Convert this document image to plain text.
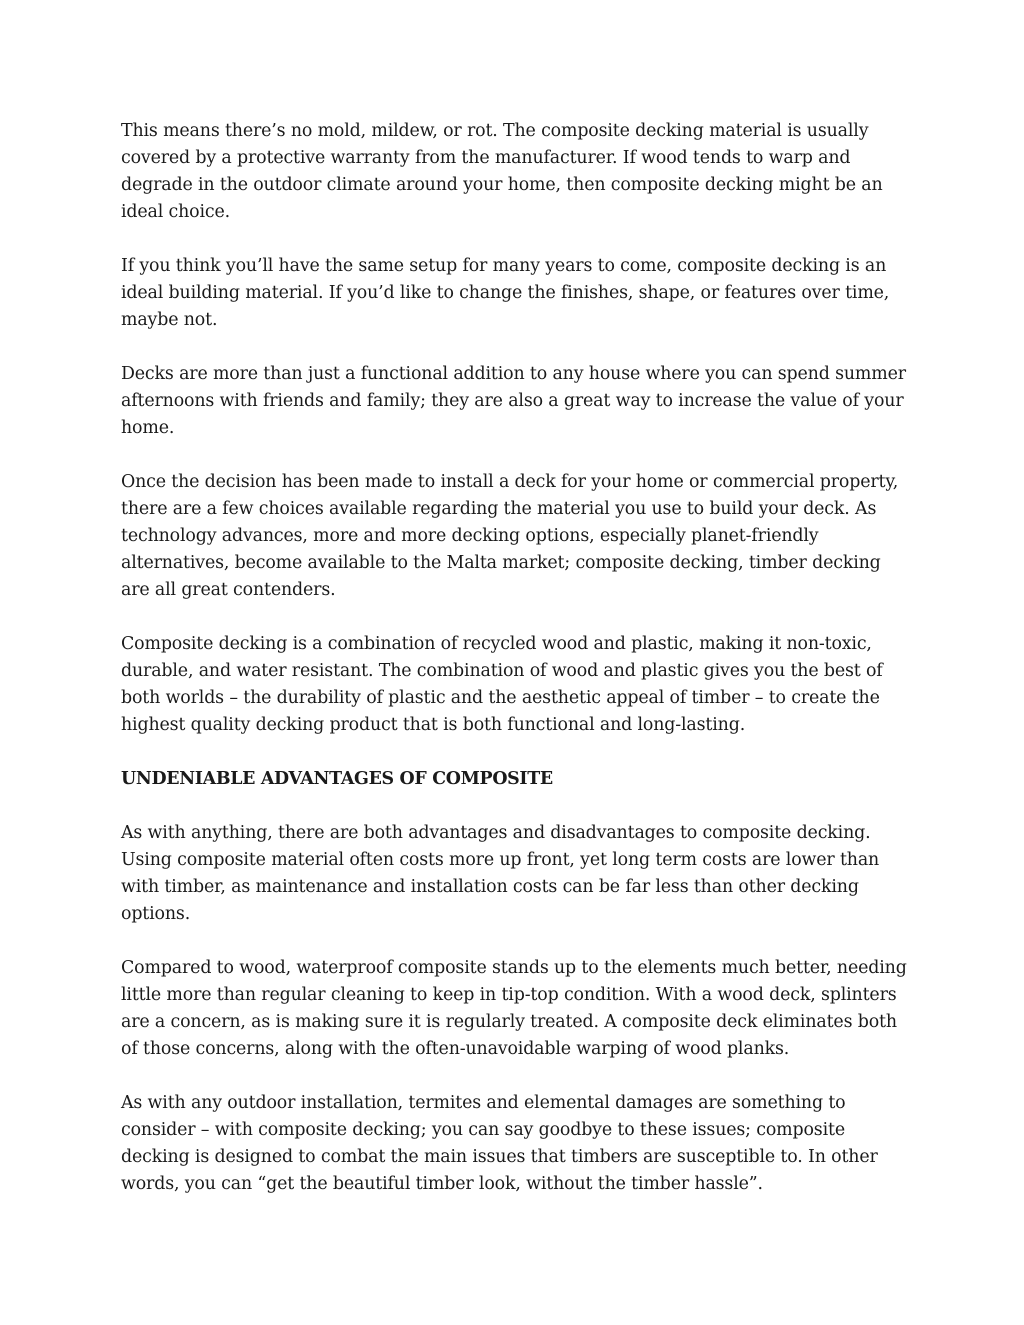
This means there’s no mold, mildew, or rot. The composite decking material is usually covered by a protective warranty from the manufacturer. If wood tends to warp and degrade in the outdoor climate around your home, then composite decking might be an ideal choice.

If you think you’ll have the same setup for many years to come, composite decking is an ideal building material. If you’d like to change the finishes, shape, or features over time, maybe not.

Decks are more than just a functional addition to any house where you can spend summer afternoons with friends and family; they are also a great way to increase the value of your home.

Once the decision has been made to install a deck for your home or commercial property, there are a few choices available regarding the material you use to build your deck. As technology advances, more and more decking options, especially planet-friendly alternatives, become available to the Malta market; composite decking, timber decking are all great contenders.

Composite decking is a combination of recycled wood and plastic, making it non-toxic, durable, and water resistant. The combination of wood and plastic gives you the best of both worlds – the durability of plastic and the aesthetic appeal of timber – to create the highest quality decking product that is both functional and long-lasting.

UNDENIABLE ADVANTAGES OF COMPOSITE

As with anything, there are both advantages and disadvantages to composite decking. Using composite material often costs more up front, yet long term costs are lower than with timber, as maintenance and installation costs can be far less than other decking options.

Compared to wood, waterproof composite stands up to the elements much better, needing little more than regular cleaning to keep in tip-top condition. With a wood deck, splinters are a concern, as is making sure it is regularly treated. A composite deck eliminates both of those concerns, along with the often-unavoidable warping of wood planks.

As with any outdoor installation, termites and elemental damages are something to consider – with composite decking; you can say goodbye to these issues; composite decking is designed to combat the main issues that timbers are susceptible to. In other words, you can “get the beautiful timber look, without the timber hassle”.
